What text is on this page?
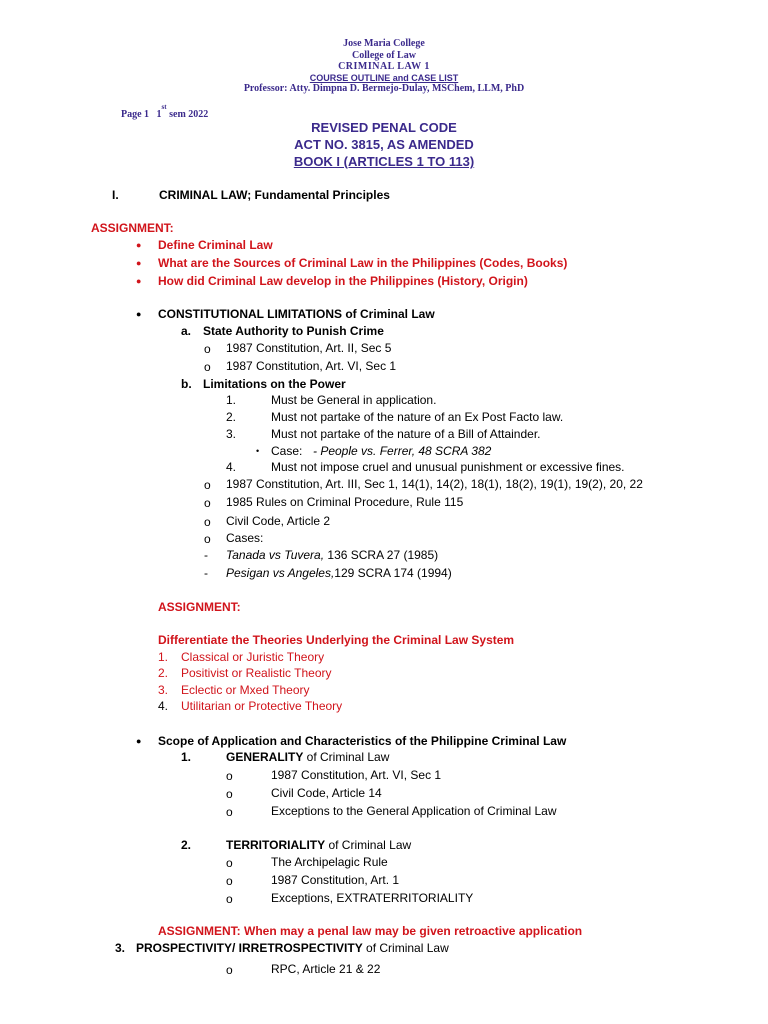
Jose Maria College
College of Law
CRIMINAL LAW 1
COURSE OUTLINE and CASE LIST
Professor: Atty. Dimpna D. Bermejo-Dulay, MSChem, LLM, PhD
Page 1 1st sem 2022
REVISED PENAL CODE
ACT NO. 3815, AS AMENDED
BOOK I (ARTICLES 1 TO 113)
I.	CRIMINAL LAW; Fundamental Principles
ASSIGNMENT:
● Define Criminal Law
● What are the Sources of Criminal Law in the Philippines (Codes, Books)
● How did Criminal Law develop in the Philippines (History, Origin)
● CONSTITUTIONAL LIMITATIONS of Criminal Law
a. State Authority to Punish Crime
o 1987 Constitution, Art. II, Sec 5
o 1987 Constitution, Art. VI, Sec 1
b. Limitations on the Power
1.	Must be General in application.
2.	Must not partake of the nature of an Ex Post Facto law.
3.	Must not partake of the nature of a Bill of Attainder.
• Case: - People vs. Ferrer, 48 SCRA 382
4.	Must not impose cruel and unusual punishment or excessive fines.
o 1987 Constitution, Art. III, Sec 1, 14(1), 14(2), 18(1), 18(2), 19(1), 19(2), 20, 22
o 1985 Rules on Criminal Procedure, Rule 115
o Civil Code, Article 2
o Cases:
- Tanada vs Tuvera, 136 SCRA 27 (1985)
- Pesigan vs Angeles,129 SCRA 174 (1994)
ASSIGNMENT:
Differentiate the Theories Underlying the Criminal Law System
1. Classical or Juristic Theory
2. Positivist or Realistic Theory
3. Eclectic or Mxed Theory
4. Utilitarian or Protective Theory
● Scope of Application and Characteristics of the Philippine Criminal Law
1.	GENERALITY of Criminal Law
o	1987 Constitution, Art. VI, Sec 1
o	Civil Code, Article 14
o	Exceptions to the General Application of Criminal Law
2.	TERRITORIALITY of Criminal Law
o	The Archipelagic Rule
o	1987 Constitution, Art. 1
o	Exceptions, EXTRATERRITORIALITY
ASSIGNMENT: When may a penal law may be given retroactive application
3. PROSPECTIVITY/ IRRETROSPECTIVITY of Criminal Law
o	RPC, Article 21 & 22
